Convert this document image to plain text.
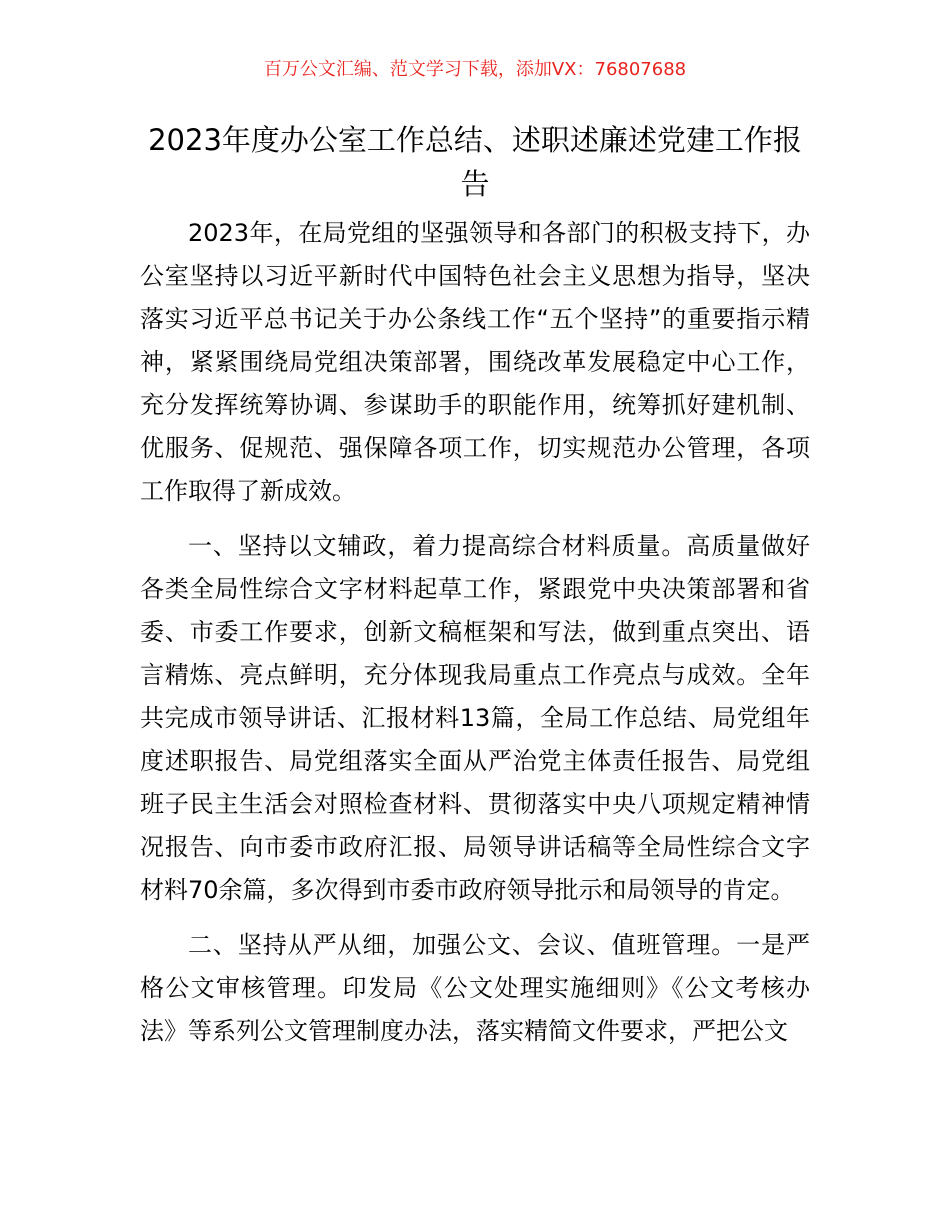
百万公文汇编、范文学习下载，添加VX：76807688
2023年度办公室工作总结、述职述廉述党建工作报告

2023年，在局党组的坚强领导和各部门的积极支持下，办公室坚持以习近平新时代中国特色社会主义思想为指导，坚决落实习近平总书记关于办公条线工作“五个坚持”的重要指示精神，紧紧围绕局党组决策部署，围绕改革发展稳定中心工作，充分发挥统筹协调、参谋助手的职能作用，统筹抓好建机制、优服务、促规范、强保障各项工作，切实规范办公管理，各项工作取得了新成效。

一、坚持以文辅政，着力提高综合材料质量。高质量做好各类全局性综合文字材料起草工作，紧跟党中央决策部署和省委、市委工作要求，创新文稿框架和写法，做到重点突出、语言精炼、亮点鲜明，充分体现我局重点工作亮点与成效。全年共完成市领导讲话、汇报材料13篇，全局工作总结、局党组年度述职报告、局党组落实全面从严治党主体责任报告、局党组班子民主生活会对照检查材料、贯彻落实中央八项规定精神情况报告、向市委市政府汇报、局领导讲话稿等全局性综合文字材料70余篇，多次得到市委市政府领导批示和局领导的肯定。

二、坚持从严从细，加强公文、会议、值班管理。一是严格公文审核管理。印发局《公文处理实施细则》《公文考核办法》等系列公文管理制度办法，落实精简文件要求，严把公文
